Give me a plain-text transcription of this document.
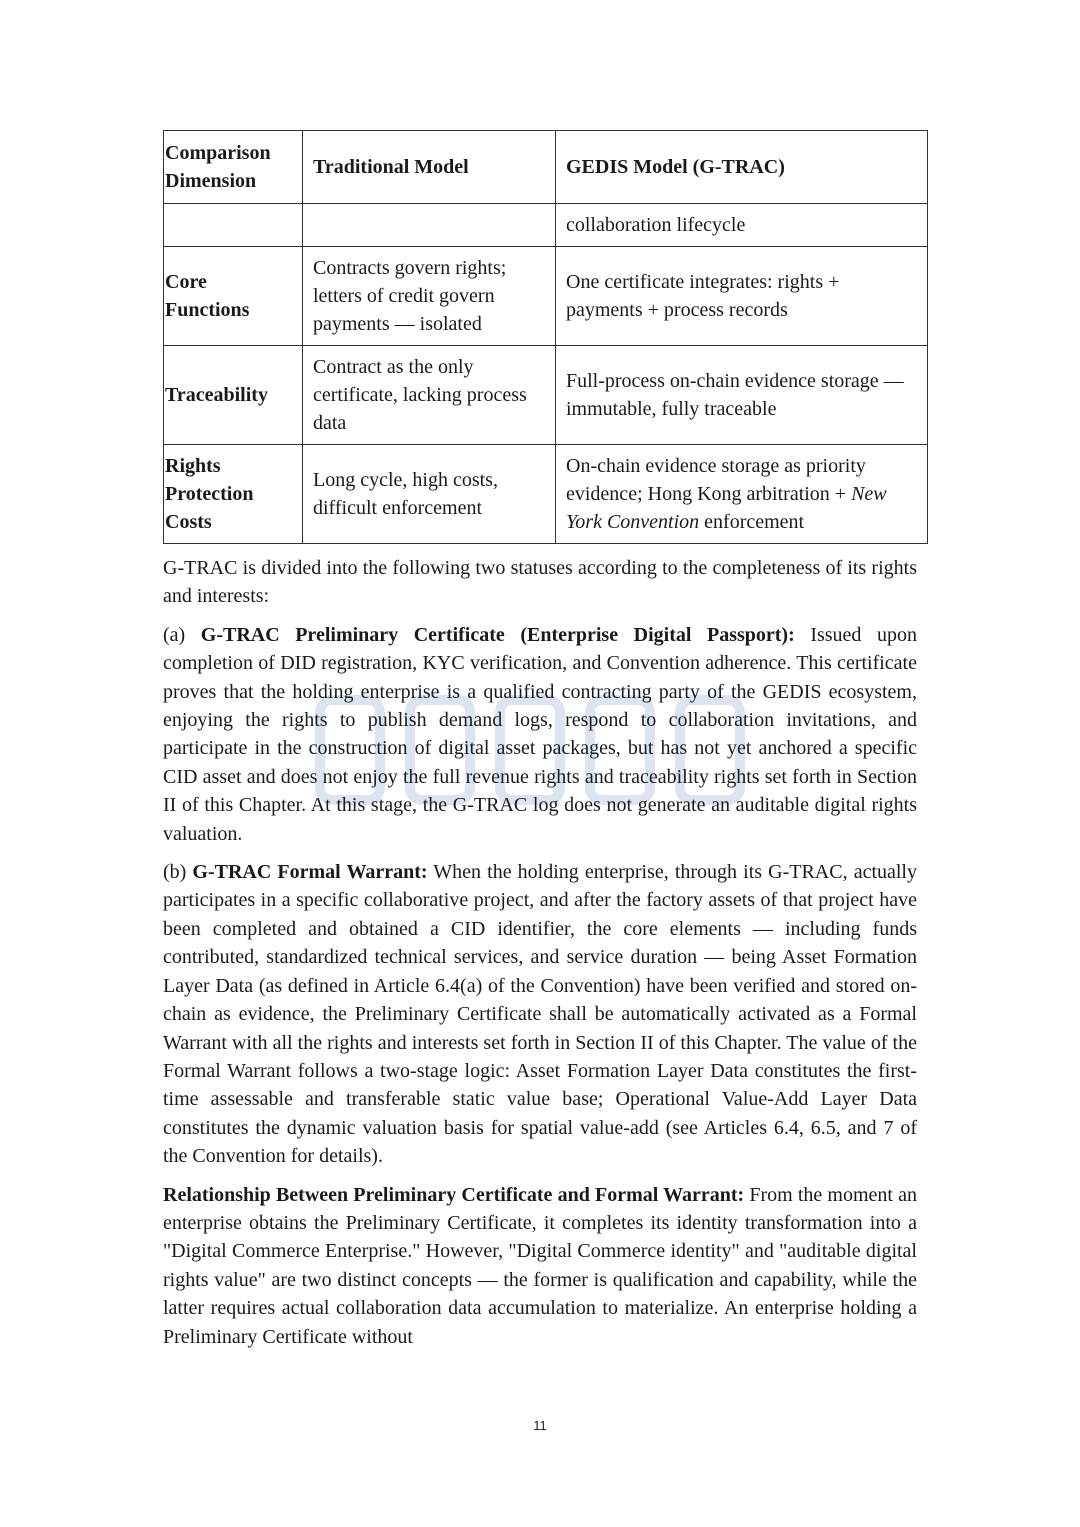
Comparison Dimension	Traditional Model	GEDIS Model (G-TRAC)
		collaboration lifecycle
Core Functions	Contracts govern rights; letters of credit govern payments — isolated	One certificate integrates: rights + payments + process records
Traceability	Contract as the only certificate, lacking process data	Full-process on-chain evidence storage — immutable, fully traceable
Rights Protection Costs	Long cycle, high costs, difficult enforcement	On-chain evidence storage as priority evidence; Hong Kong arbitration + New York Convention enforcement

G-TRAC is divided into the following two statuses according to the completeness of its rights and interests:

(a) G-TRAC Preliminary Certificate (Enterprise Digital Passport): Issued upon completion of DID registration, KYC verification, and Convention adherence. This certificate proves that the holding enterprise is a qualified contracting party of the GEDIS ecosystem, enjoying the rights to publish demand logs, respond to collaboration invitations, and participate in the construction of digital asset packages, but has not yet anchored a specific CID asset and does not enjoy the full revenue rights and traceability rights set forth in Section II of this Chapter. At this stage, the G-TRAC log does not generate an auditable digital rights valuation.

(b) G-TRAC Formal Warrant: When the holding enterprise, through its G-TRAC, actually participates in a specific collaborative project, and after the factory assets of that project have been completed and obtained a CID identifier, the core elements — including funds contributed, standardized technical services, and service duration — being Asset Formation Layer Data (as defined in Article 6.4(a) of the Convention) have been verified and stored on-chain as evidence, the Preliminary Certificate shall be automatically activated as a Formal Warrant with all the rights and interests set forth in Section II of this Chapter. The value of the Formal Warrant follows a two-stage logic: Asset Formation Layer Data constitutes the first-time assessable and transferable static value base; Operational Value-Add Layer Data constitutes the dynamic valuation basis for spatial value-add (see Articles 6.4, 6.5, and 7 of the Convention for details).

Relationship Between Preliminary Certificate and Formal Warrant: From the moment an enterprise obtains the Preliminary Certificate, it completes its identity transformation into a "Digital Commerce Enterprise." However, "Digital Commerce identity" and "auditable digital rights value" are two distinct concepts — the former is qualification and capability, while the latter requires actual collaboration data accumulation to materialize. An enterprise holding a Preliminary Certificate without

11
